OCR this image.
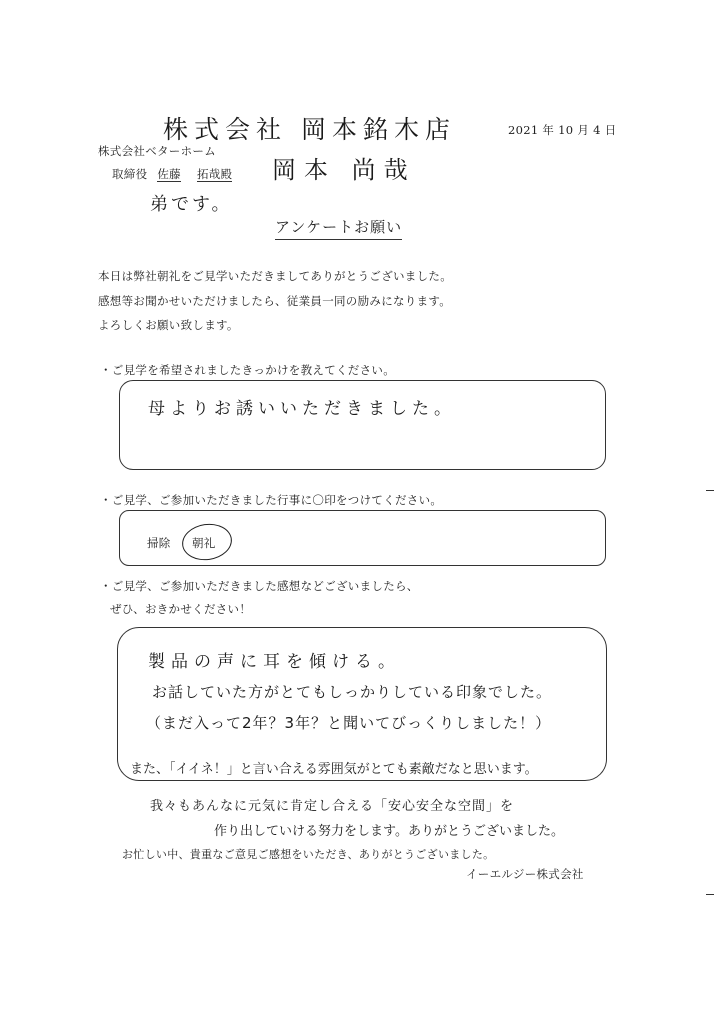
株式会社 岡本銘木店
岡本 尚哉
弟です。
2021 年 10 月 4 日
株式会社ベターホーム
取締役 佐藤 拓哉殿
アンケートお願い
本日は弊社朝礼をご見学いただきましてありがとうございました。
感想等お聞かせいただけましたら、従業員一同の励みになります。
よろしくお願い致します。
・ご見学を希望されましたきっかけを教えてください。
母よりお誘いいただきました。
・ご見学、ご参加いただきました行事に〇印をつけてください。
掃除 朝礼
・ご見学、ご参加いただきました感想などございましたら、
ぜひ、おきかせください！
製品の声に耳を傾ける。
お話していた方がとてもしっかりしている印象でした。
（まだ入って2年？3年？と聞いてびっくりしました！）
また、「イイネ！」と言い合える雰囲気がとても素敵だなと思います。
我々もあんなに元気に肯定し合える「安心安全な空間」を
作り出していける努力をします。ありがとうございました。
お忙しい中、貴重なご意見ご感想をいただき、ありがとうございました。
イーエルジー株式会社
